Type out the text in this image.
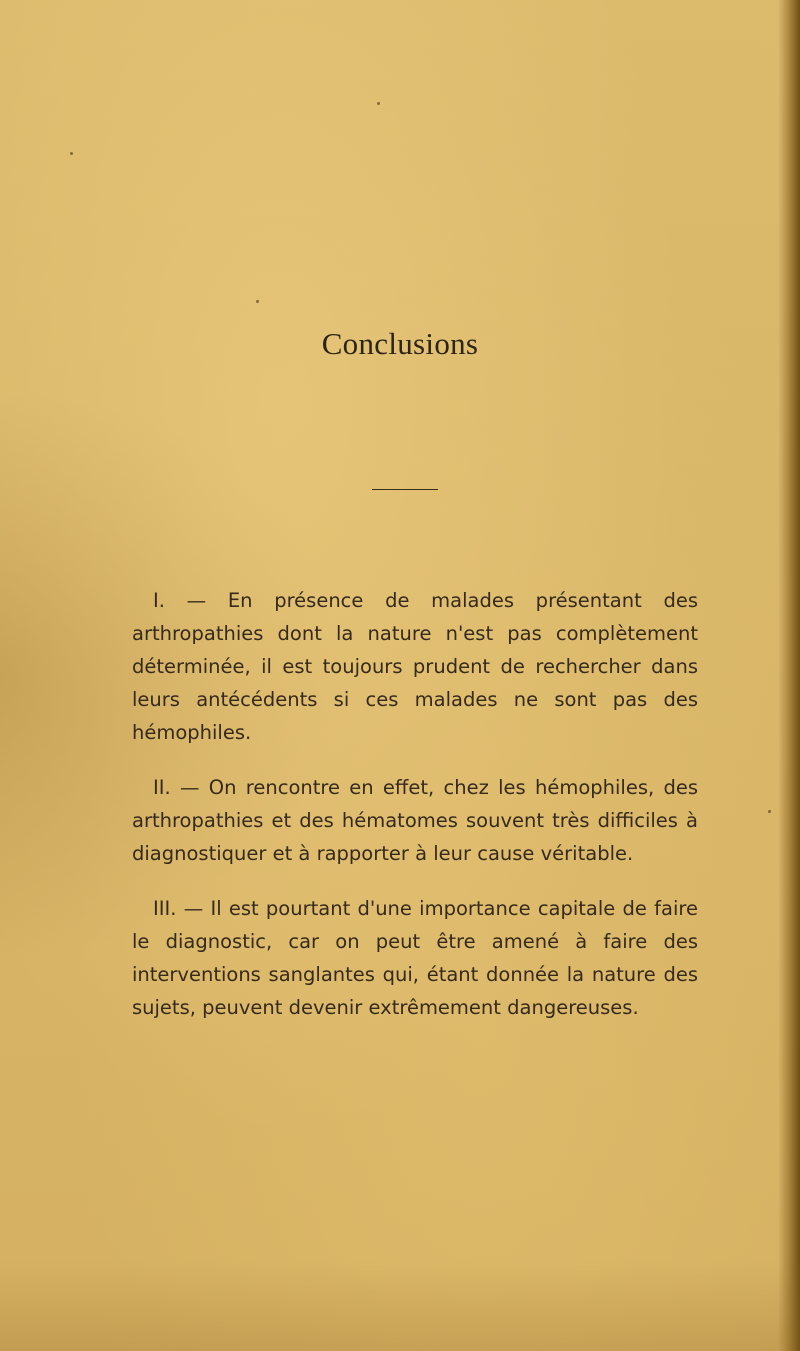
Conclusions

I. — En présence de malades présentant des arthropathies dont la nature n'est pas complètement déterminée, il est toujours prudent de rechercher dans leurs antécédents si ces malades ne sont pas des hémophiles.

II. — On rencontre en effet, chez les hémophiles, des arthropathies et des hématomes souvent très difficiles à diagnostiquer et à rapporter à leur cause véritable.

III. — Il est pourtant d'une importance capitale de faire le diagnostic, car on peut être amené à faire des interventions sanglantes qui, étant donnée la nature des sujets, peuvent devenir extrêmement dangereuses.
